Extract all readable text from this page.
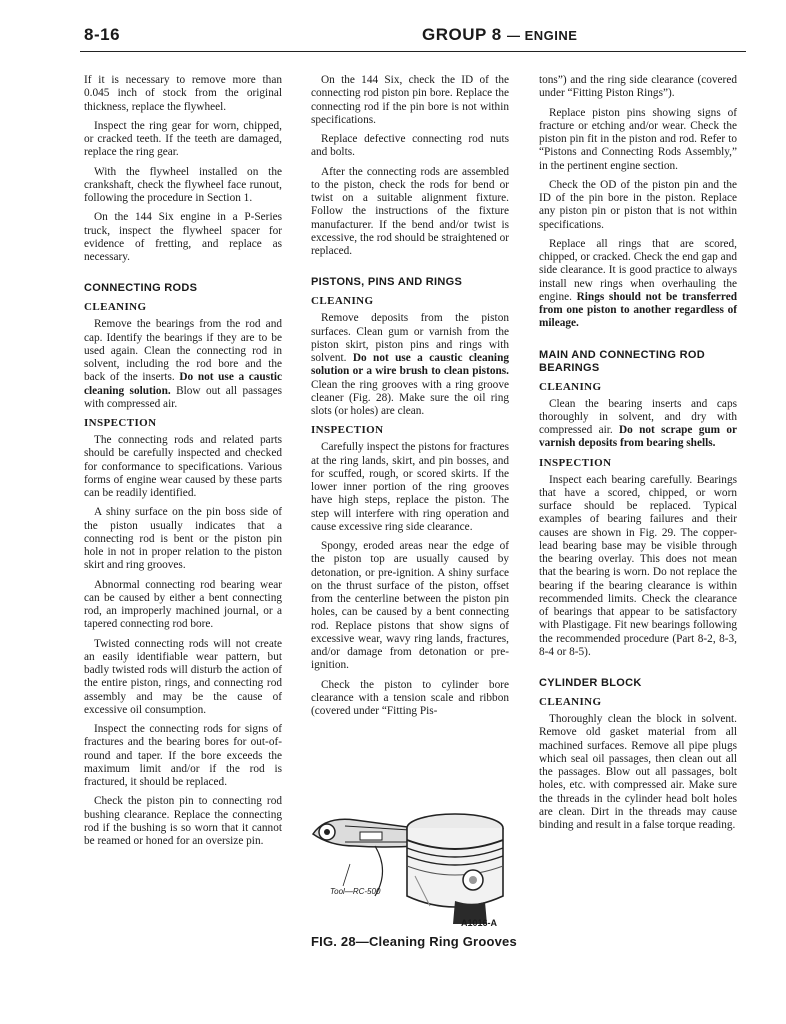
8-16	GROUP 8 — ENGINE

If it is necessary to remove more than 0.045 inch of stock from the original thickness, replace the flywheel.

Inspect the ring gear for worn, chipped, or cracked teeth. If the teeth are damaged, replace the ring gear.

With the flywheel installed on the crankshaft, check the flywheel face runout, following the procedure in Section 1.

On the 144 Six engine in a P-Series truck, inspect the flywheel spacer for evidence of fretting, and replace as necessary.

CONNECTING RODS
CLEANING

Remove the bearings from the rod and cap. Identify the bearings if they are to be used again. Clean the connecting rod in solvent, including the rod bore and the back of the inserts. Do not use a caustic cleaning solution. Blow out all passages with compressed air.

INSPECTION

The connecting rods and related parts should be carefully inspected and checked for conformance to specifications. Various forms of engine wear caused by these parts can be readily identified.

A shiny surface on the pin boss side of the piston usually indicates that a connecting rod is bent or the piston pin hole in not in proper relation to the piston skirt and ring grooves.

Abnormal connecting rod bearing wear can be caused by either a bent connecting rod, an improperly machined journal, or a tapered connecting rod bore.

Twisted connecting rods will not create an easily identifiable wear pattern, but badly twisted rods will disturb the action of the entire piston, rings, and connecting rod assembly and may be the cause of excessive oil consumption.

Inspect the connecting rods for signs of fractures and the bearing bores for out-of-round and taper. If the bore exceeds the maximum limit and/or if the rod is fractured, it should be replaced.

Check the piston pin to connecting rod bushing clearance. Replace the connecting rod if the bushing is so worn that it cannot be reamed or honed for an oversize pin.

On the 144 Six, check the ID of the connecting rod piston pin bore. Replace the connecting rod if the pin bore is not within specifications.

Replace defective connecting rod nuts and bolts.

After the connecting rods are assembled to the piston, check the rods for bend or twist on a suitable alignment fixture. Follow the instructions of the fixture manufacturer. If the bend and/or twist is excessive, the rod should be straightened or replaced.

PISTONS, PINS AND RINGS
CLEANING

Remove deposits from the piston surfaces. Clean gum or varnish from the piston skirt, piston pins and rings with solvent. Do not use a caustic cleaning solution or a wire brush to clean pistons. Clean the ring grooves with a ring groove cleaner (Fig. 28). Make sure the oil ring slots (or holes) are clean.

INSPECTION

Carefully inspect the pistons for fractures at the ring lands, skirt, and pin bosses, and for scuffed, rough, or scored skirts. If the lower inner portion of the ring grooves have high steps, replace the piston. The step will interfere with ring operation and cause excessive ring side clearance.

Spongy, eroded areas near the edge of the piston top are usually caused by detonation, or pre-ignition. A shiny surface on the thrust surface of the piston, offset from the centerline between the piston pin holes, can be caused by a bent connecting rod. Replace pistons that show signs of excessive wear, wavy ring lands, fractures, and/or damage from detonation or pre-ignition.

Check the piston to cylinder bore clearance with a tension scale and ribbon (covered under “Fitting Pis-

Tool—RC-500
A1016-A
FIG. 28—Cleaning Ring Grooves

tons”) and the ring side clearance (covered under “Fitting Piston Rings”).

Replace piston pins showing signs of fracture or etching and/or wear. Check the piston pin fit in the piston and rod. Refer to “Pistons and Connecting Rods Assembly,” in the pertinent engine section.

Check the OD of the piston pin and the ID of the pin bore in the piston. Replace any piston pin or piston that is not within specifications.

Replace all rings that are scored, chipped, or cracked. Check the end gap and side clearance. It is good practice to always install new rings when overhauling the engine. Rings should not be transferred from one piston to another regardless of mileage.

MAIN AND CONNECTING ROD BEARINGS
CLEANING

Clean the bearing inserts and caps thoroughly in solvent, and dry with compressed air. Do not scrape gum or varnish deposits from bearing shells.

INSPECTION

Inspect each bearing carefully. Bearings that have a scored, chipped, or worn surface should be replaced. Typical examples of bearing failures and their causes are shown in Fig. 29. The copper-lead bearing base may be visible through the bearing overlay. This does not mean that the bearing is worn. Do not replace the bearing if the bearing clearance is within recommended limits. Check the clearance of bearings that appear to be satisfactory with Plastigage. Fit new bearings following the recommended procedure (Part 8-2, 8-3, 8-4 or 8-5).

CYLINDER BLOCK
CLEANING

Thoroughly clean the block in solvent. Remove old gasket material from all machined surfaces. Remove all pipe plugs which seal oil passages, then clean out all the passages. Blow out all passages, bolt holes, etc. with compressed air. Make sure the threads in the cylinder head bolt holes are clean. Dirt in the threads may cause binding and result in a false torque reading.
